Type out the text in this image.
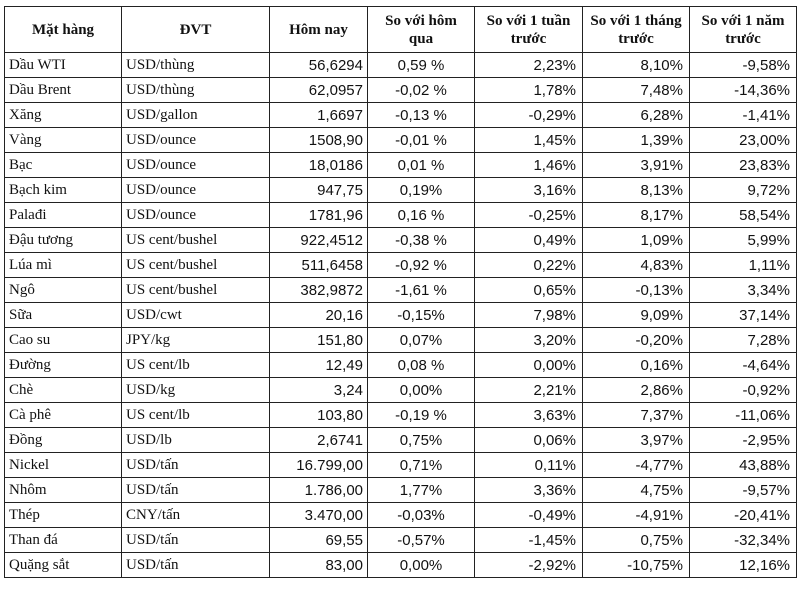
Mặt hàng	ĐVT	Hôm nay	So với hôm qua	So với 1 tuần trước	So với 1 tháng trước	So với 1 năm trước
Dầu WTI	USD/thùng	56,6294	0,59 %	2,23%	8,10%	-9,58%
Dầu Brent	USD/thùng	62,0957	-0,02 %	1,78%	7,48%	-14,36%
Xăng	USD/gallon	1,6697	-0,13 %	-0,29%	6,28%	-1,41%
Vàng	USD/ounce	1508,90	-0,01 %	1,45%	1,39%	23,00%
Bạc	USD/ounce	18,0186	0,01 %	1,46%	3,91%	23,83%
Bạch kim	USD/ounce	947,75	0,19%	3,16%	8,13%	9,72%
Palađi	USD/ounce	1781,96	0,16 %	-0,25%	8,17%	58,54%
Đậu tương	US cent/bushel	922,4512	-0,38 %	0,49%	1,09%	5,99%
Lúa mì	US cent/bushel	511,6458	-0,92 %	0,22%	4,83%	1,11%
Ngô	US cent/bushel	382,9872	-1,61 %	0,65%	-0,13%	3,34%
Sữa	USD/cwt	20,16	-0,15%	7,98%	9,09%	37,14%
Cao su	JPY/kg	151,80	0,07%	3,20%	-0,20%	7,28%
Đường	US cent/lb	12,49	0,08 %	0,00%	0,16%	-4,64%
Chè	USD/kg	3,24	0,00%	2,21%	2,86%	-0,92%
Cà phê	US cent/lb	103,80	-0,19 %	3,63%	7,37%	-11,06%
Đồng	USD/lb	2,6741	0,75%	0,06%	3,97%	-2,95%
Nickel	USD/tấn	16.799,00	0,71%	0,11%	-4,77%	43,88%
Nhôm	USD/tấn	1.786,00	1,77%	3,36%	4,75%	-9,57%
Thép	CNY/tấn	3.470,00	-0,03%	-0,49%	-4,91%	-20,41%
Than đá	USD/tấn	69,55	-0,57%	-1,45%	0,75%	-32,34%
Quặng sắt	USD/tấn	83,00	0,00%	-2,92%	-10,75%	12,16%
